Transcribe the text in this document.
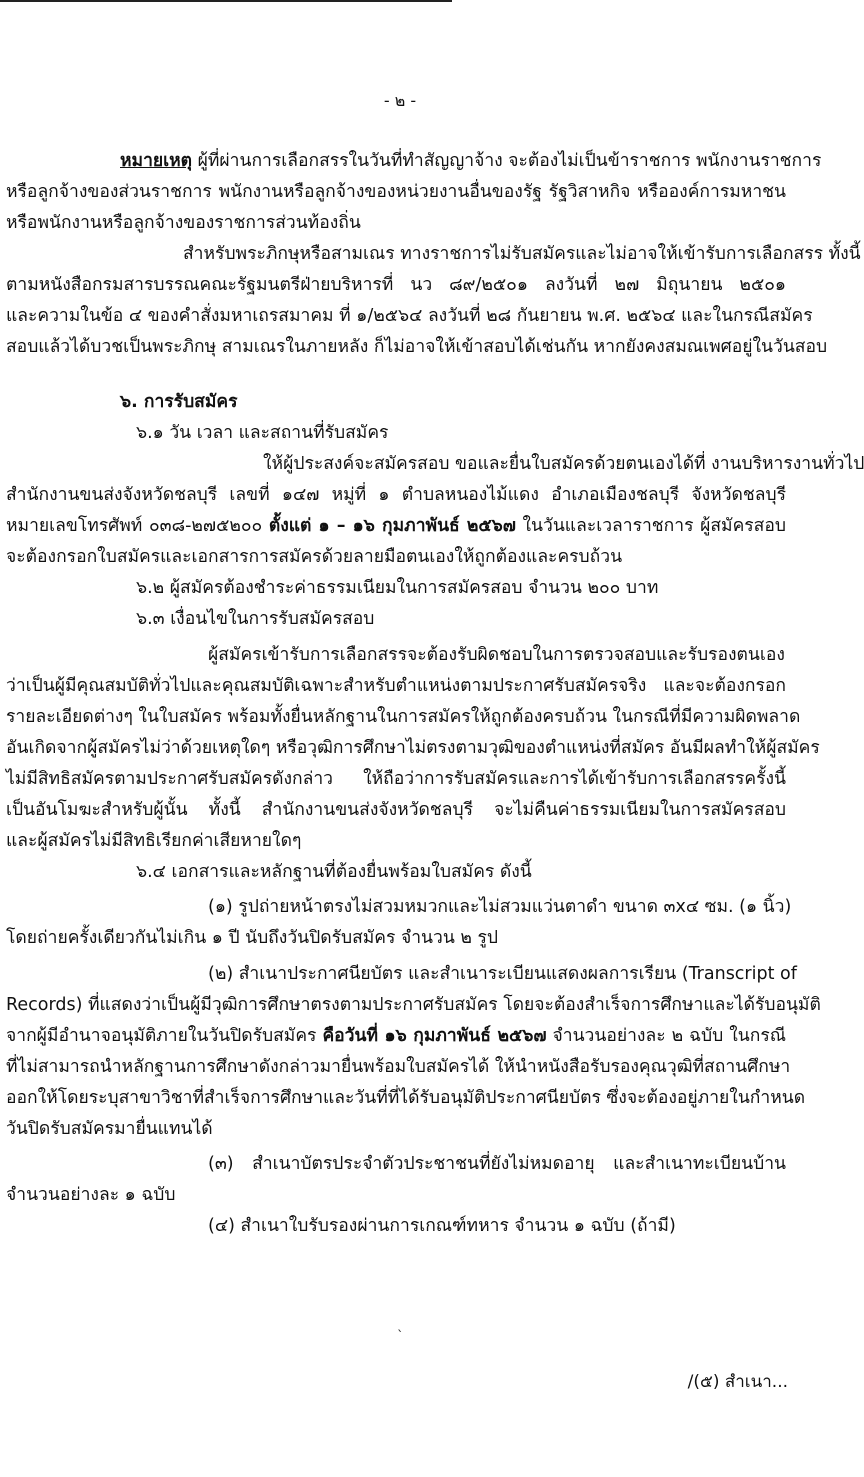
- ๒ -
หมายเหตุ ผู้ที่ผ่านการเลือกสรรในวันที่ทำสัญญาจ้าง จะต้องไม่เป็นข้าราชการ พนักงานราชการ
หรือลูกจ้างของส่วนราชการ พนักงานหรือลูกจ้างของหน่วยงานอื่นของรัฐ รัฐวิสาหกิจ หรือองค์การมหาชน
หรือพนักงานหรือลูกจ้างของราชการส่วนท้องถิ่น
สำหรับพระภิกษุหรือสามเณร ทางราชการไม่รับสมัครและไม่อาจให้เข้ารับการเลือกสรร ทั้งนี้
ตามหนังสือกรมสารบรรณคณะรัฐมนตรีฝ่ายบริหารที่ นว ๘๙/๒๕๐๑ ลงวันที่ ๒๗ มิถุนายน ๒๕๐๑
และความในข้อ ๔ ของคำสั่งมหาเถรสมาคม ที่ ๑/๒๕๖๔ ลงวันที่ ๒๘ กันยายน พ.ศ. ๒๕๖๔ และในกรณีสมัคร
สอบแล้วได้บวชเป็นพระภิกษุ สามเณรในภายหลัง ก็ไม่อาจให้เข้าสอบได้เช่นกัน หากยังคงสมณเพศอยู่ในวันสอบ
๖. การรับสมัคร
๖.๑ วัน เวลา และสถานที่รับสมัคร
ให้ผู้ประสงค์จะสมัครสอบ ขอและยื่นใบสมัครด้วยตนเองได้ที่ งานบริหารงานทั่วไป
สำนักงานขนส่งจังหวัดชลบุรี เลขที่ ๑๔๗ หมู่ที่ ๑ ตำบลหนองไม้แดง อำเภอเมืองชลบุรี จังหวัดชลบุรี
หมายเลขโทรศัพท์ ๐๓๘-๒๗๕๒๐๐ ตั้งแต่ ๑ – ๑๖ กุมภาพันธ์ ๒๕๖๗ ในวันและเวลาราชการ ผู้สมัครสอบ
จะต้องกรอกใบสมัครและเอกสารการสมัครด้วยลายมือตนเองให้ถูกต้องและครบถ้วน
๖.๒ ผู้สมัครต้องชำระค่าธรรมเนียมในการสมัครสอบ จำนวน ๒๐๐ บาท
๖.๓ เงื่อนไขในการรับสมัครสอบ
ผู้สมัครเข้ารับการเลือกสรรจะต้องรับผิดชอบในการตรวจสอบและรับรองตนเอง
ว่าเป็นผู้มีคุณสมบัติทั่วไปและคุณสมบัติเฉพาะสำหรับตำแหน่งตามประกาศรับสมัครจริง และจะต้องกรอก
รายละเอียดต่างๆ ในใบสมัคร พร้อมทั้งยื่นหลักฐานในการสมัครให้ถูกต้องครบถ้วน ในกรณีที่มีความผิดพลาด
อันเกิดจากผู้สมัครไม่ว่าด้วยเหตุใดๆ หรือวุฒิการศึกษาไม่ตรงตามวุฒิของตำแหน่งที่สมัคร อันมีผลทำให้ผู้สมัคร
ไม่มีสิทธิสมัครตามประกาศรับสมัครดังกล่าว ให้ถือว่าการรับสมัครและการได้เข้ารับการเลือกสรรครั้งนี้
เป็นอันโมฆะสำหรับผู้นั้น ทั้งนี้ สำนักงานขนส่งจังหวัดชลบุรี จะไม่คืนค่าธรรมเนียมในการสมัครสอบ
และผู้สมัครไม่มีสิทธิเรียกค่าเสียหายใดๆ
๖.๔ เอกสารและหลักฐานที่ต้องยื่นพร้อมใบสมัคร ดังนี้
(๑) รูปถ่ายหน้าตรงไม่สวมหมวกและไม่สวมแว่นตาดำ ขนาด ๓x๔ ซม. (๑ นิ้ว)
โดยถ่ายครั้งเดียวกันไม่เกิน ๑ ปี นับถึงวันปิดรับสมัคร จำนวน ๒ รูป
(๒) สำเนาประกาศนียบัตร และสำเนาระเบียนแสดงผลการเรียน (Transcript of
Records) ที่แสดงว่าเป็นผู้มีวุฒิการศึกษาตรงตามประกาศรับสมัคร โดยจะต้องสำเร็จการศึกษาและได้รับอนุมัติ
จากผู้มีอำนาจอนุมัติภายในวันปิดรับสมัคร คือวันที่ ๑๖ กุมภาพันธ์ ๒๕๖๗ จำนวนอย่างละ ๒ ฉบับ ในกรณี
ที่ไม่สามารถนำหลักฐานการศึกษาดังกล่าวมายื่นพร้อมใบสมัครได้ ให้นำหนังสือรับรองคุณวุฒิที่สถานศึกษา
ออกให้โดยระบุสาขาวิชาที่สำเร็จการศึกษาและวันที่ที่ได้รับอนุมัติประกาศนียบัตร ซึ่งจะต้องอยู่ภายในกำหนด
วันปิดรับสมัครมายื่นแทนได้
(๓) สำเนาบัตรประจำตัวประชาชนที่ยังไม่หมดอายุ และสำเนาทะเบียนบ้าน
จำนวนอย่างละ ๑ ฉบับ
(๔) สำเนาใบรับรองผ่านการเกณฑ์ทหาร จำนวน ๑ ฉบับ (ถ้ามี)
ˎ
/(๕) สำเนา...
